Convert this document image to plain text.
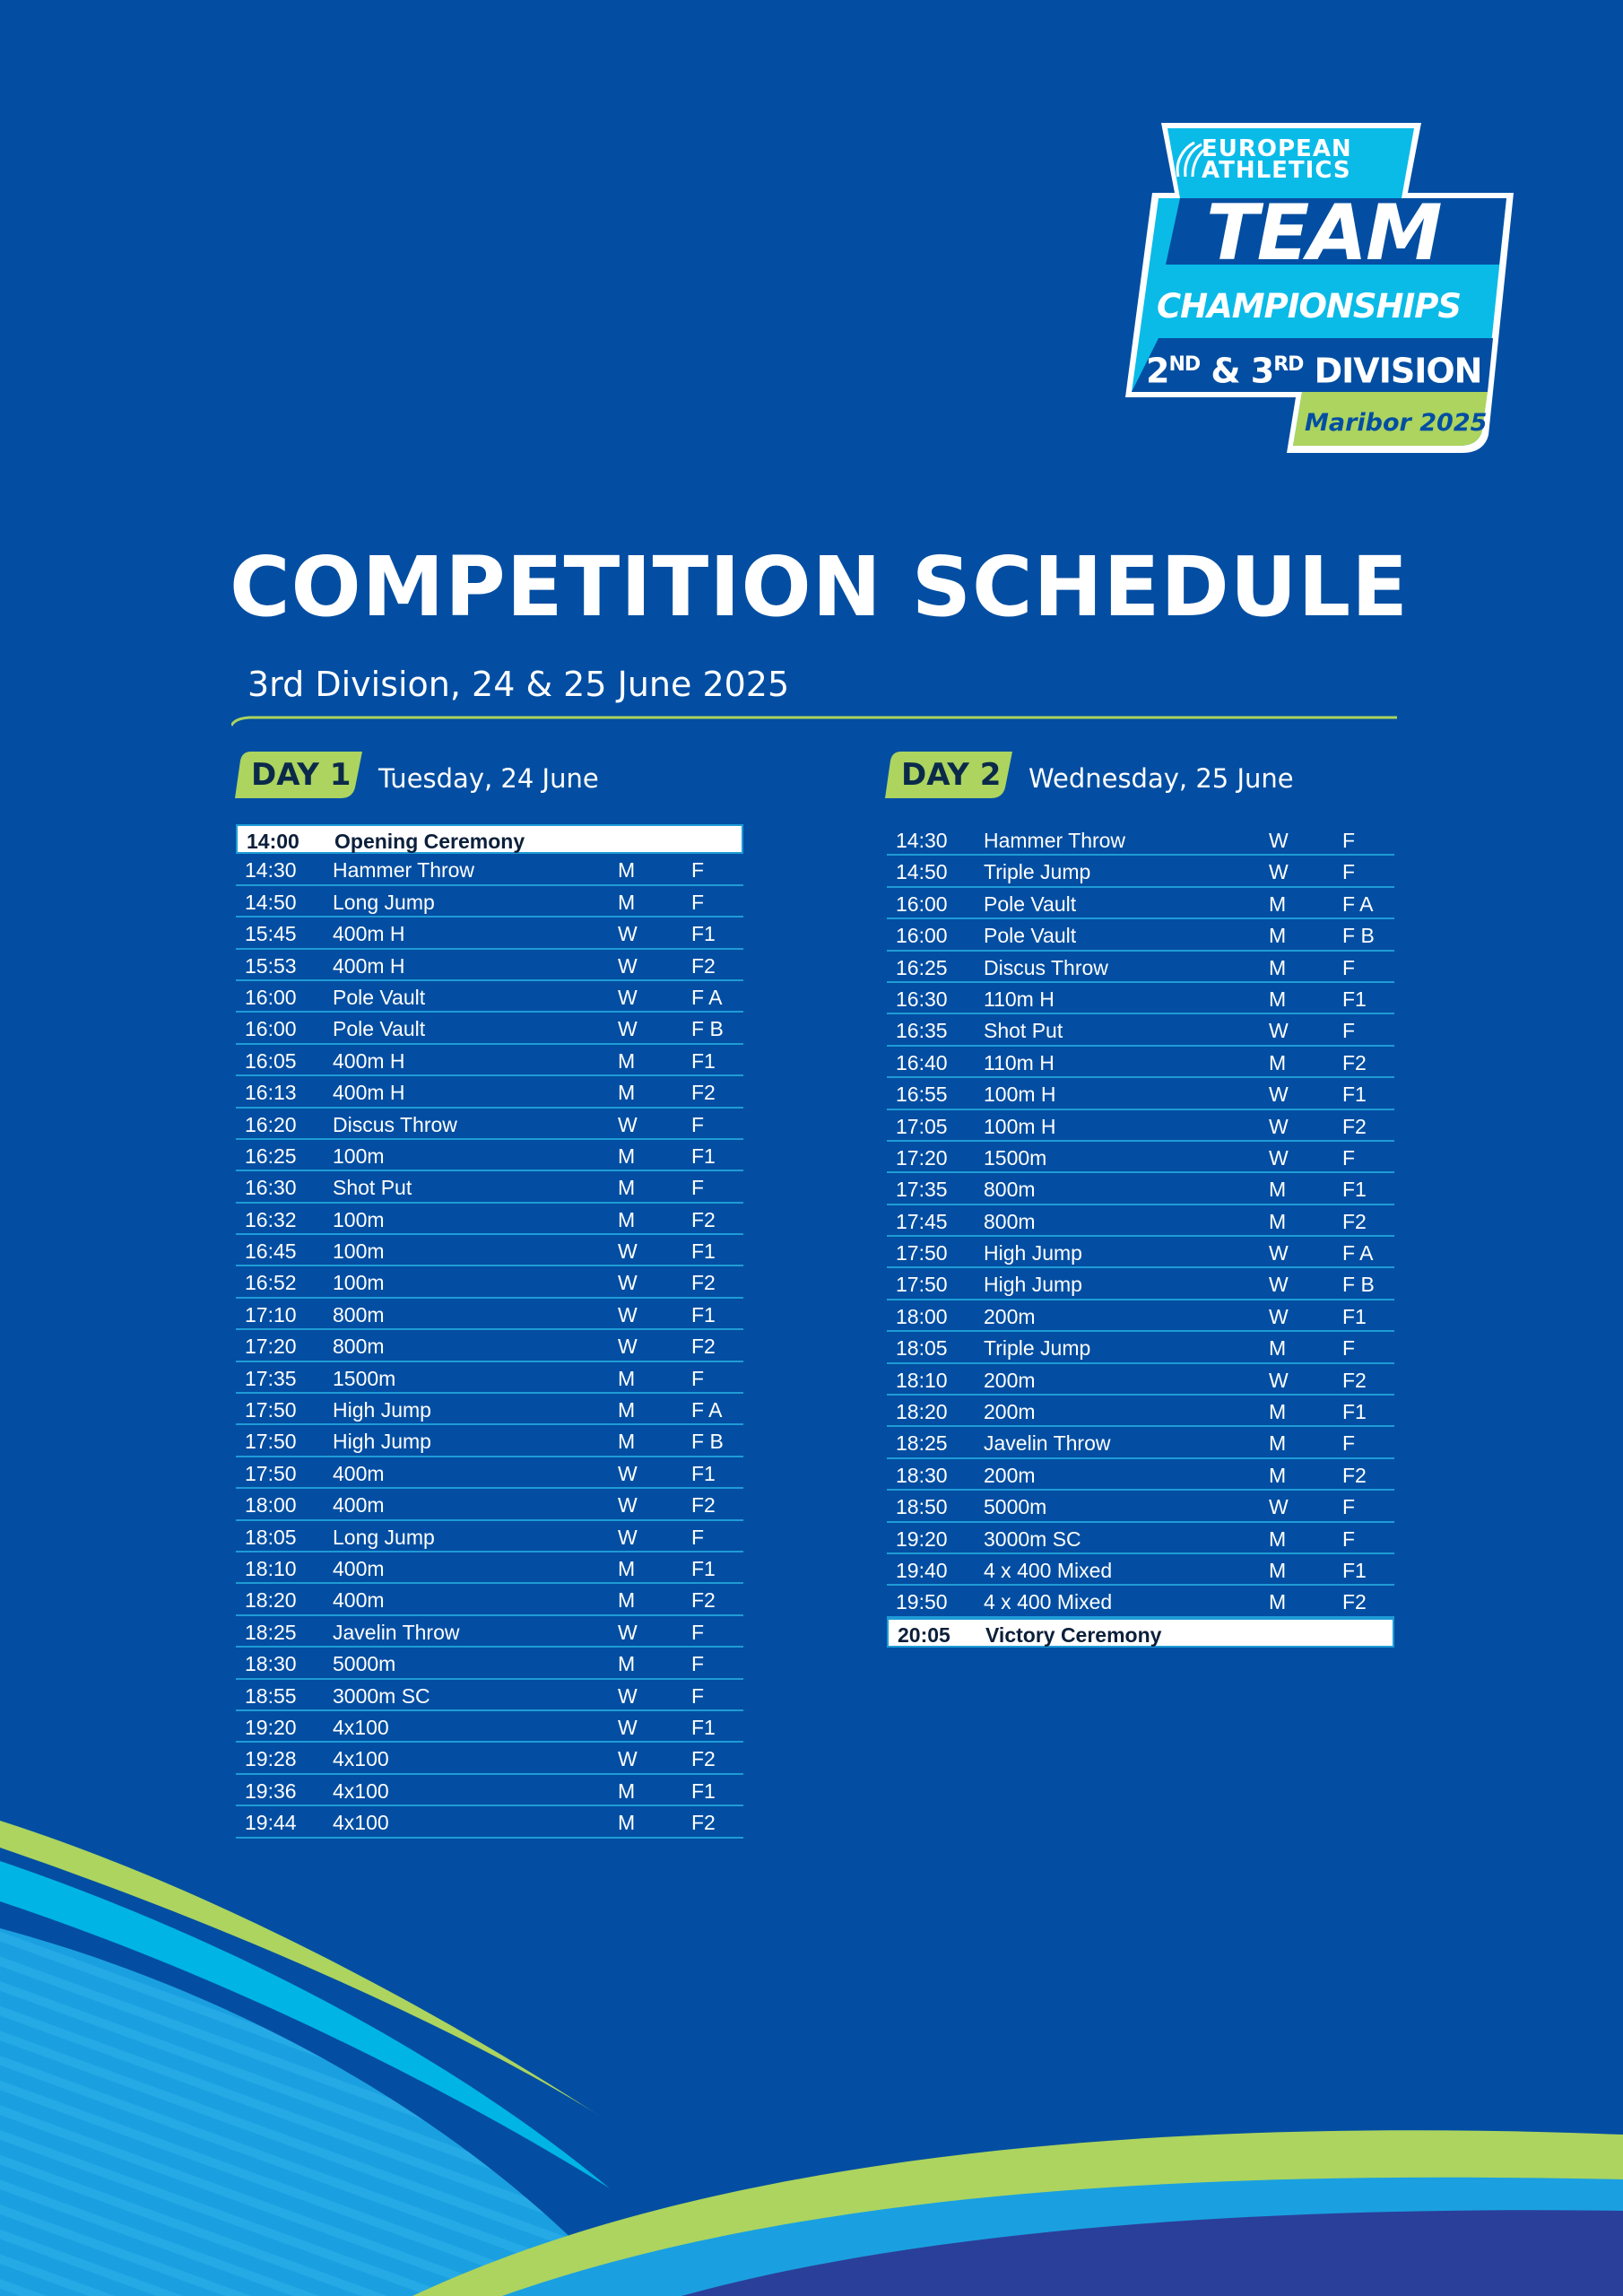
EUROPEAN
ATHLETICS
TEAM
CHAMPIONSHIPS
2ND & 3RD DIVISION
Maribor 2025
COMPETITION SCHEDULE
3rd Division, 24 & 25 June 2025
DAY 1 Tuesday, 24 June	DAY 2 Wednesday, 25 June
14:00 Opening Ceremony
14:30 Hammer Throw	M	F
14:50 Long Jump	M	F
15:45 400m H	W	F1
15:53 400m H	W	F2
16:00 Pole Vault	W	F A
16:00 Pole Vault	W	F B
16:05 400m H	M	F1
16:13 400m H	M	F2
16:20 Discus Throw	W	F
16:25 100m	M	F1
16:30 Shot Put	M	F
16:32 100m	M	F2
16:45 100m	W	F1
16:52 100m	W	F2
17:10 800m	W	F1
17:20 800m	W	F2
17:35 1500m	M	F
17:50 High Jump	M	F A
17:50 High Jump	M	F B
17:50 400m	W	F1
18:00 400m	W	F2
18:05 Long Jump	W	F
18:10 400m	M	F1
18:20 400m	M	F2
18:25 Javelin Throw	W	F
18:30 5000m	M	F
18:55 3000m SC	W	F
19:20 4x100	W	F1
19:28 4x100	W	F2
19:36 4x100	M	F1
19:44 4x100	M	F2
14:30 Hammer Throw	W	F
14:50 Triple Jump	W	F
16:00 Pole Vault	M	F A
16:00 Pole Vault	M	F B
16:25 Discus Throw	M	F
16:30 110m H	M	F1
16:35 Shot Put	W	F
16:40 110m H	M	F2
16:55 100m H	W	F1
17:05 100m H	W	F2
17:20 1500m	W	F
17:35 800m	M	F1
17:45 800m	M	F2
17:50 High Jump	W	F A
17:50 High Jump	W	F B
18:00 200m	W	F1
18:05 Triple Jump	M	F
18:10 200m	W	F2
18:20 200m	M	F1
18:25 Javelin Throw	M	F
18:30 200m	M	F2
18:50 5000m	W	F
19:20 3000m SC	M	F
19:40 4 x 400 Mixed	M	F1
19:50 4 x 400 Mixed	M	F2
20:05 Victory Ceremony
